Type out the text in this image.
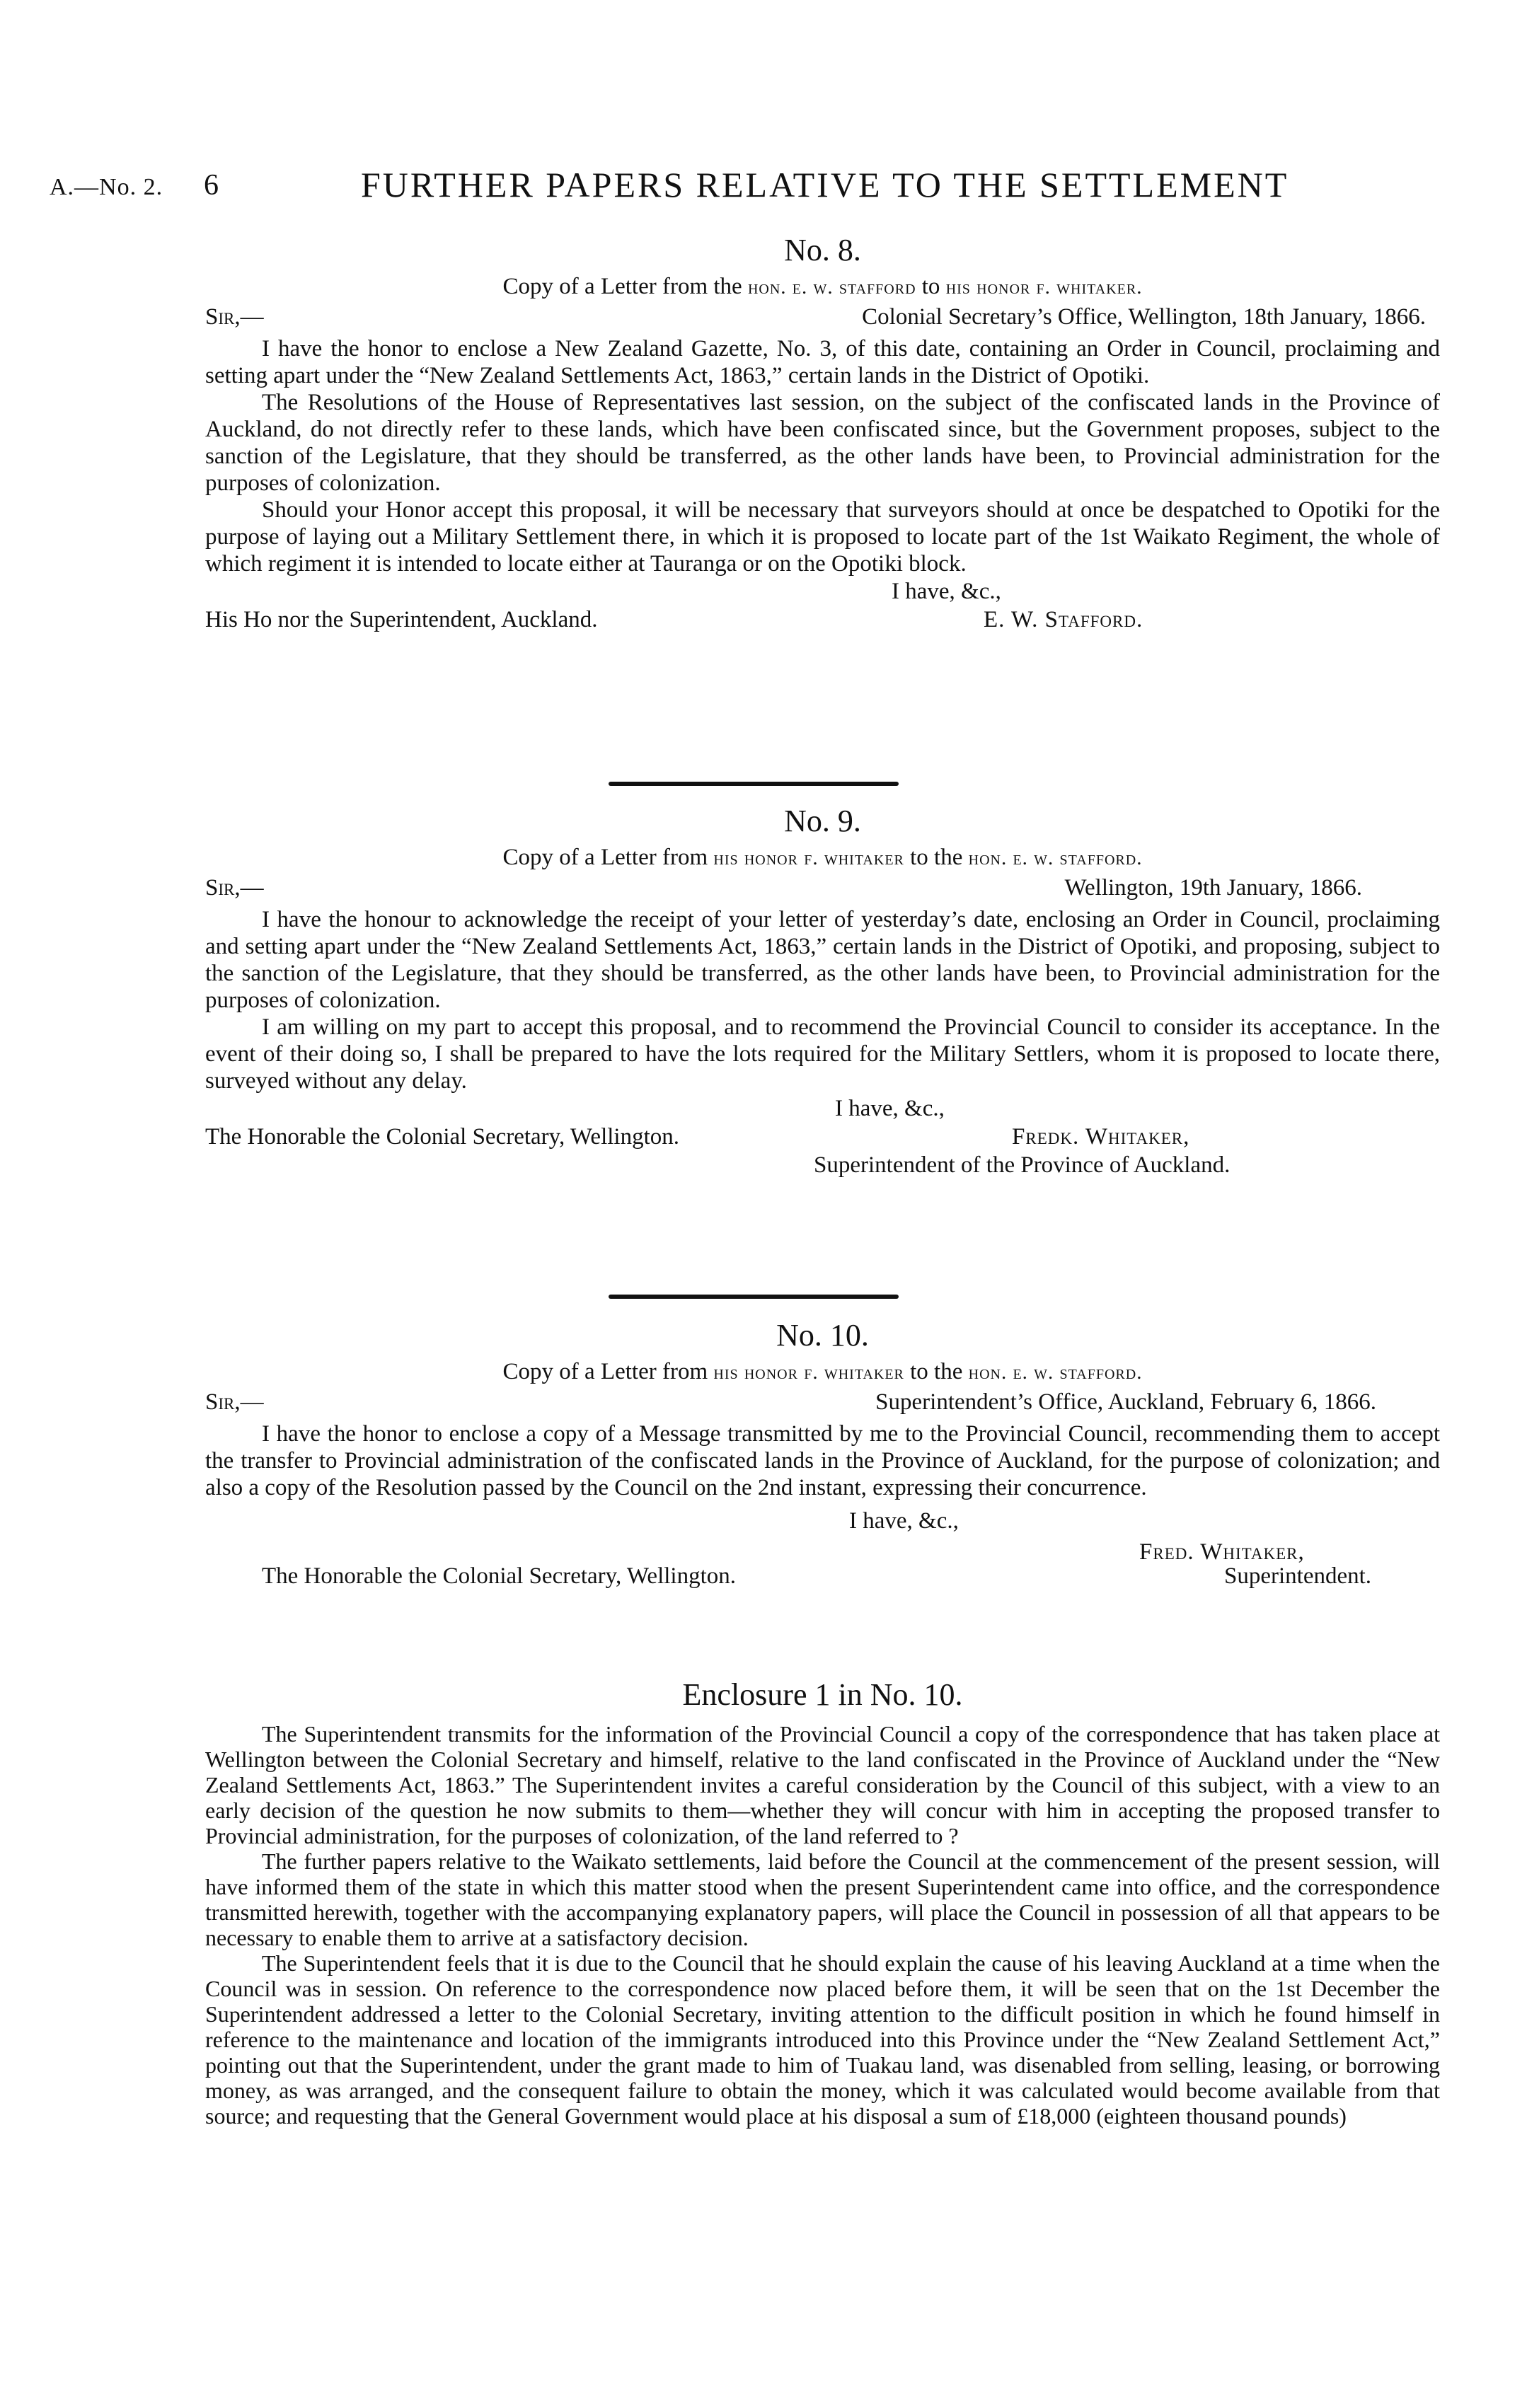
A.—No. 2. 6	FURTHER PAPERS RELATIVE TO THE SETTLEMENT

No. 8.

Copy of a Letter from the hon. e. w. stafford to his honor f. whitaker.

Sir,—	Colonial Secretary’s Office, Wellington, 18th January, 1866.

I have the honor to enclose a New Zealand Gazette, No. 3, of this date, containing an Order in Council, proclaiming and setting apart under the “New Zealand Settlements Act, 1863,” certain lands in the District of Opotiki.

The Resolutions of the House of Representatives last session, on the subject of the confiscated lands in the Province of Auckland, do not directly refer to these lands, which have been confiscated since, but the Government proposes, subject to the sanction of the Legislature, that they should be transferred, as the other lands have been, to Provincial administration for the purposes of colonization.

Should your Honor accept this proposal, it will be necessary that surveyors should at once be despatched to Opotiki for the purpose of laying out a Military Settlement there, in which it is proposed to locate part of the 1st Waikato Regiment, the whole of which regiment it is intended to locate either at Tauranga or on the Opotiki block.

I have, &c.,
His Ho nor the Superintendent, Auckland.	E. W. Stafford.

No. 9.

Copy of a Letter from his honor f. whitaker to the hon. e. w. stafford.

Sir,—	Wellington, 19th January, 1866.

I have the honour to acknowledge the receipt of your letter of yesterday’s date, enclosing an Order in Council, proclaiming and setting apart under the “New Zealand Settlements Act, 1863,” certain lands in the District of Opotiki, and proposing, subject to the sanction of the Legislature, that they should be transferred, as the other lands have been, to Provincial administration for the purposes of colonization.

I am willing on my part to accept this proposal, and to recommend the Provincial Council to consider its acceptance. In the event of their doing so, I shall be prepared to have the lots required for the Military Settlers, whom it is proposed to locate there, surveyed without any delay.

I have, &c.,
The Honorable the Colonial Secretary, Wellington.	Fredk. Whitaker,
Superintendent of the Province of Auckland.

No. 10.

Copy of a Letter from his honor f. whitaker to the hon. e. w. stafford.

Sir,—	Superintendent’s Office, Auckland, February 6, 1866.

I have the honor to enclose a copy of a Message transmitted by me to the Provincial Council, recommending them to accept the transfer to Provincial administration of the confiscated lands in the Province of Auckland, for the purpose of colonization; and also a copy of the Resolution passed by the Council on the 2nd instant, expressing their concurrence.

I have, &c.,
Fred. Whitaker,
The Honorable the Colonial Secretary, Wellington.	Superintendent.

Enclosure 1 in No. 10.

The Superintendent transmits for the information of the Provincial Council a copy of the correspondence that has taken place at Wellington between the Colonial Secretary and himself, relative to the land confiscated in the Province of Auckland under the “New Zealand Settlements Act, 1863.” The Superintendent invites a careful consideration by the Council of this subject, with a view to an early decision of the question he now submits to them—whether they will concur with him in accepting the proposed transfer to Provincial administration, for the purposes of colonization, of the land referred to ?

The further papers relative to the Waikato settlements, laid before the Council at the commencement of the present session, will have informed them of the state in which this matter stood when the present Superintendent came into office, and the correspondence transmitted herewith, together with the accompanying explanatory papers, will place the Council in possession of all that appears to be necessary to enable them to arrive at a satisfactory decision.

The Superintendent feels that it is due to the Council that he should explain the cause of his leaving Auckland at a time when the Council was in session. On reference to the correspondence now placed before them, it will be seen that on the 1st December the Superintendent addressed a letter to the Colonial Secretary, inviting attention to the difficult position in which he found himself in reference to the maintenance and location of the immigrants introduced into this Province under the “New Zealand Settlement Act,” pointing out that the Superintendent, under the grant made to him of Tuakau land, was disenabled from selling, leasing, or borrowing money, as was arranged, and the consequent failure to obtain the money, which it was calculated would become available from that source; and requesting that the General Government would place at his disposal a sum of £18,000 (eighteen thousand pounds)
